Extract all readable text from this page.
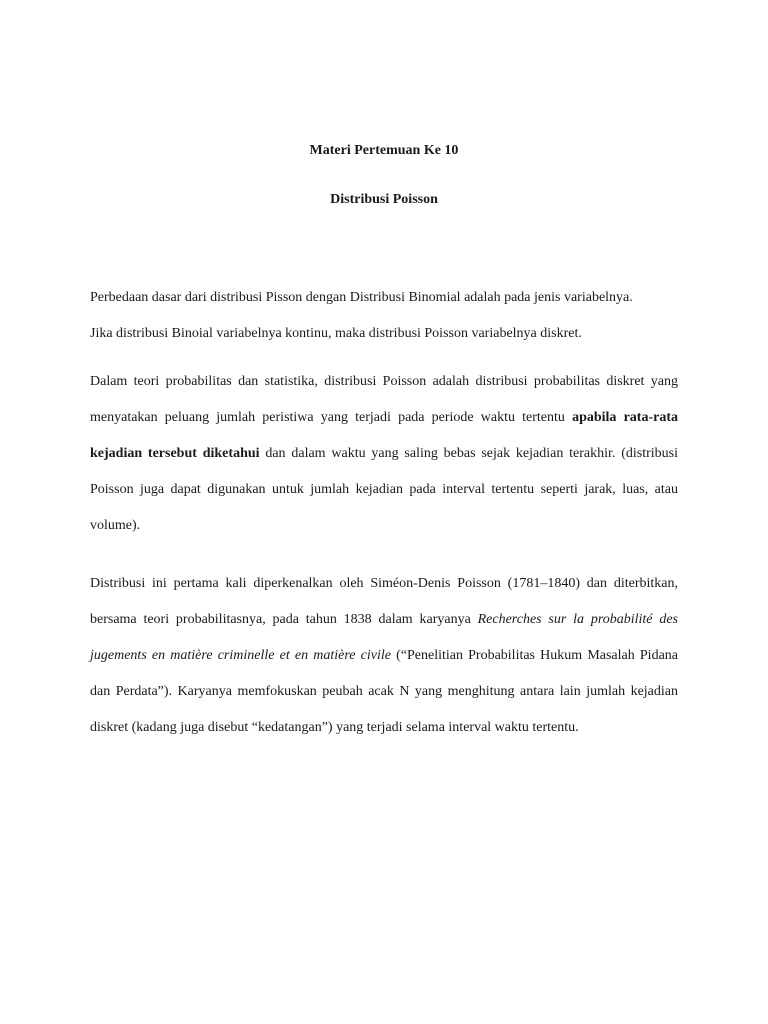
Materi Pertemuan Ke 10
Distribusi Poisson

Perbedaan dasar dari distribusi Pisson dengan Distribusi Binomial adalah pada jenis variabelnya.
Jika distribusi Binoial variabelnya kontinu, maka distribusi Poisson variabelnya diskret.

Dalam teori probabilitas dan statistika, distribusi Poisson adalah distribusi probabilitas diskret yang menyatakan peluang jumlah peristiwa yang terjadi pada periode waktu tertentu apabila rata-rata kejadian tersebut diketahui dan dalam waktu yang saling bebas sejak kejadian terakhir. (distribusi Poisson juga dapat digunakan untuk jumlah kejadian pada interval tertentu seperti jarak, luas, atau volume).

Distribusi ini pertama kali diperkenalkan oleh Siméon-Denis Poisson (1781–1840) dan diterbitkan, bersama teori probabilitasnya, pada tahun 1838 dalam karyanya Recherches sur la probabilité des jugements en matière criminelle et en matière civile (“Penelitian Probabilitas Hukum Masalah Pidana dan Perdata”). Karyanya memfokuskan peubah acak N yang menghitung antara lain jumlah kejadian diskret (kadang juga disebut “kedatangan”) yang terjadi selama interval waktu tertentu.
